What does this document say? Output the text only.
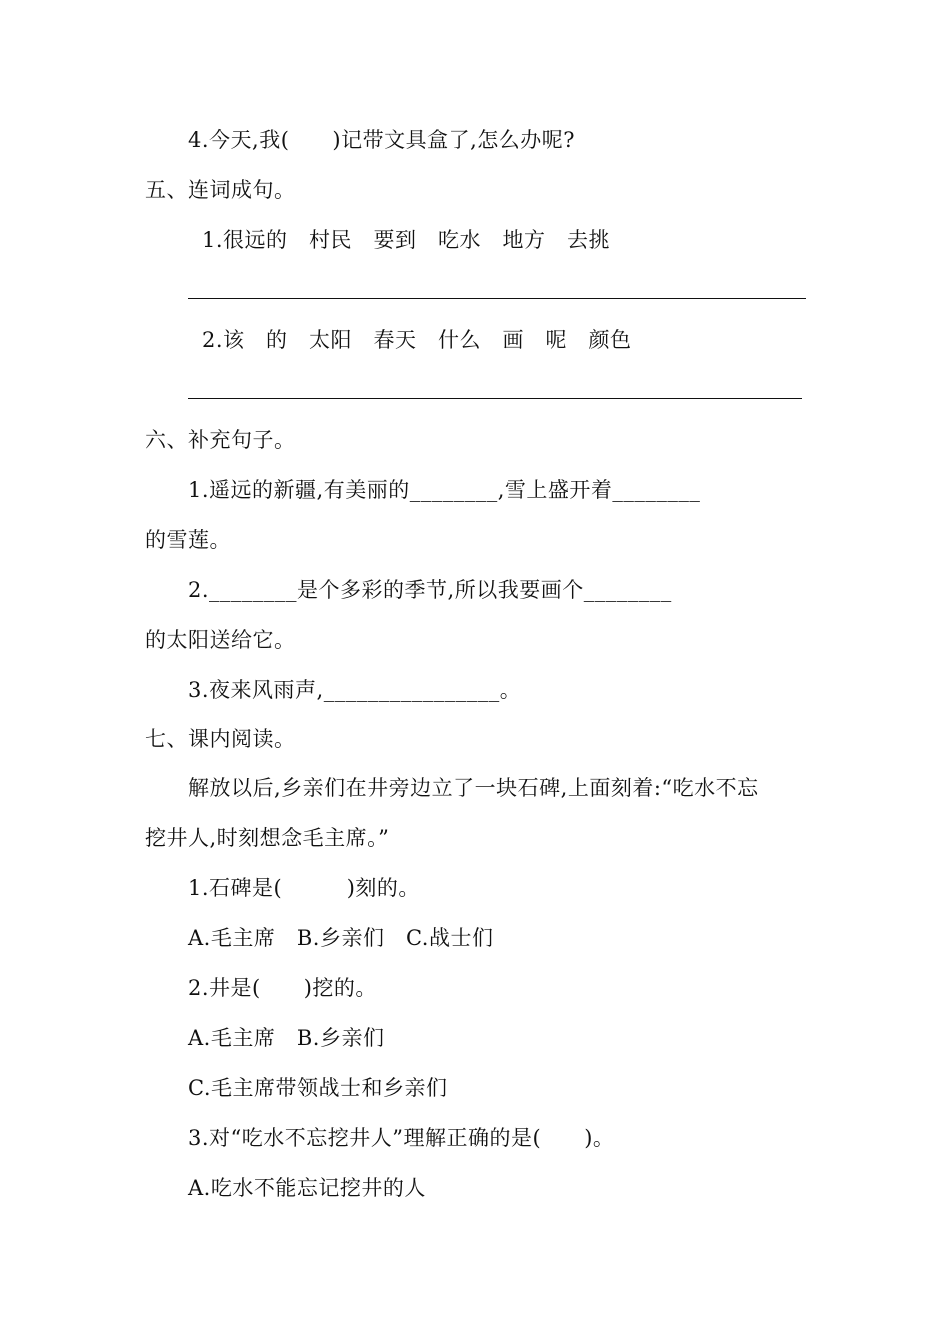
4.今天,我(　　)记带文具盒了,怎么办呢?
五、连词成句。
1.很远的　村民　要到　吃水　地方　去挑
2.该　的　太阳　春天　什么　画　呢　颜色
六、补充句子。
1.遥远的新疆,有美丽的________,雪上盛开着________
的雪莲。
2.________是个多彩的季节,所以我要画个________
的太阳送给它。
3.夜来风雨声,________________。
七、课内阅读。
解放以后,乡亲们在井旁边立了一块石碑,上面刻着:“吃水不忘
挖井人,时刻想念毛主席。”
1.石碑是(　　　)刻的。
A.毛主席　B.乡亲们　C.战士们
2.井是(　　)挖的。
A.毛主席　B.乡亲们
C.毛主席带领战士和乡亲们
3.对“吃水不忘挖井人”理解正确的是(　　)。
A.吃水不能忘记挖井的人
